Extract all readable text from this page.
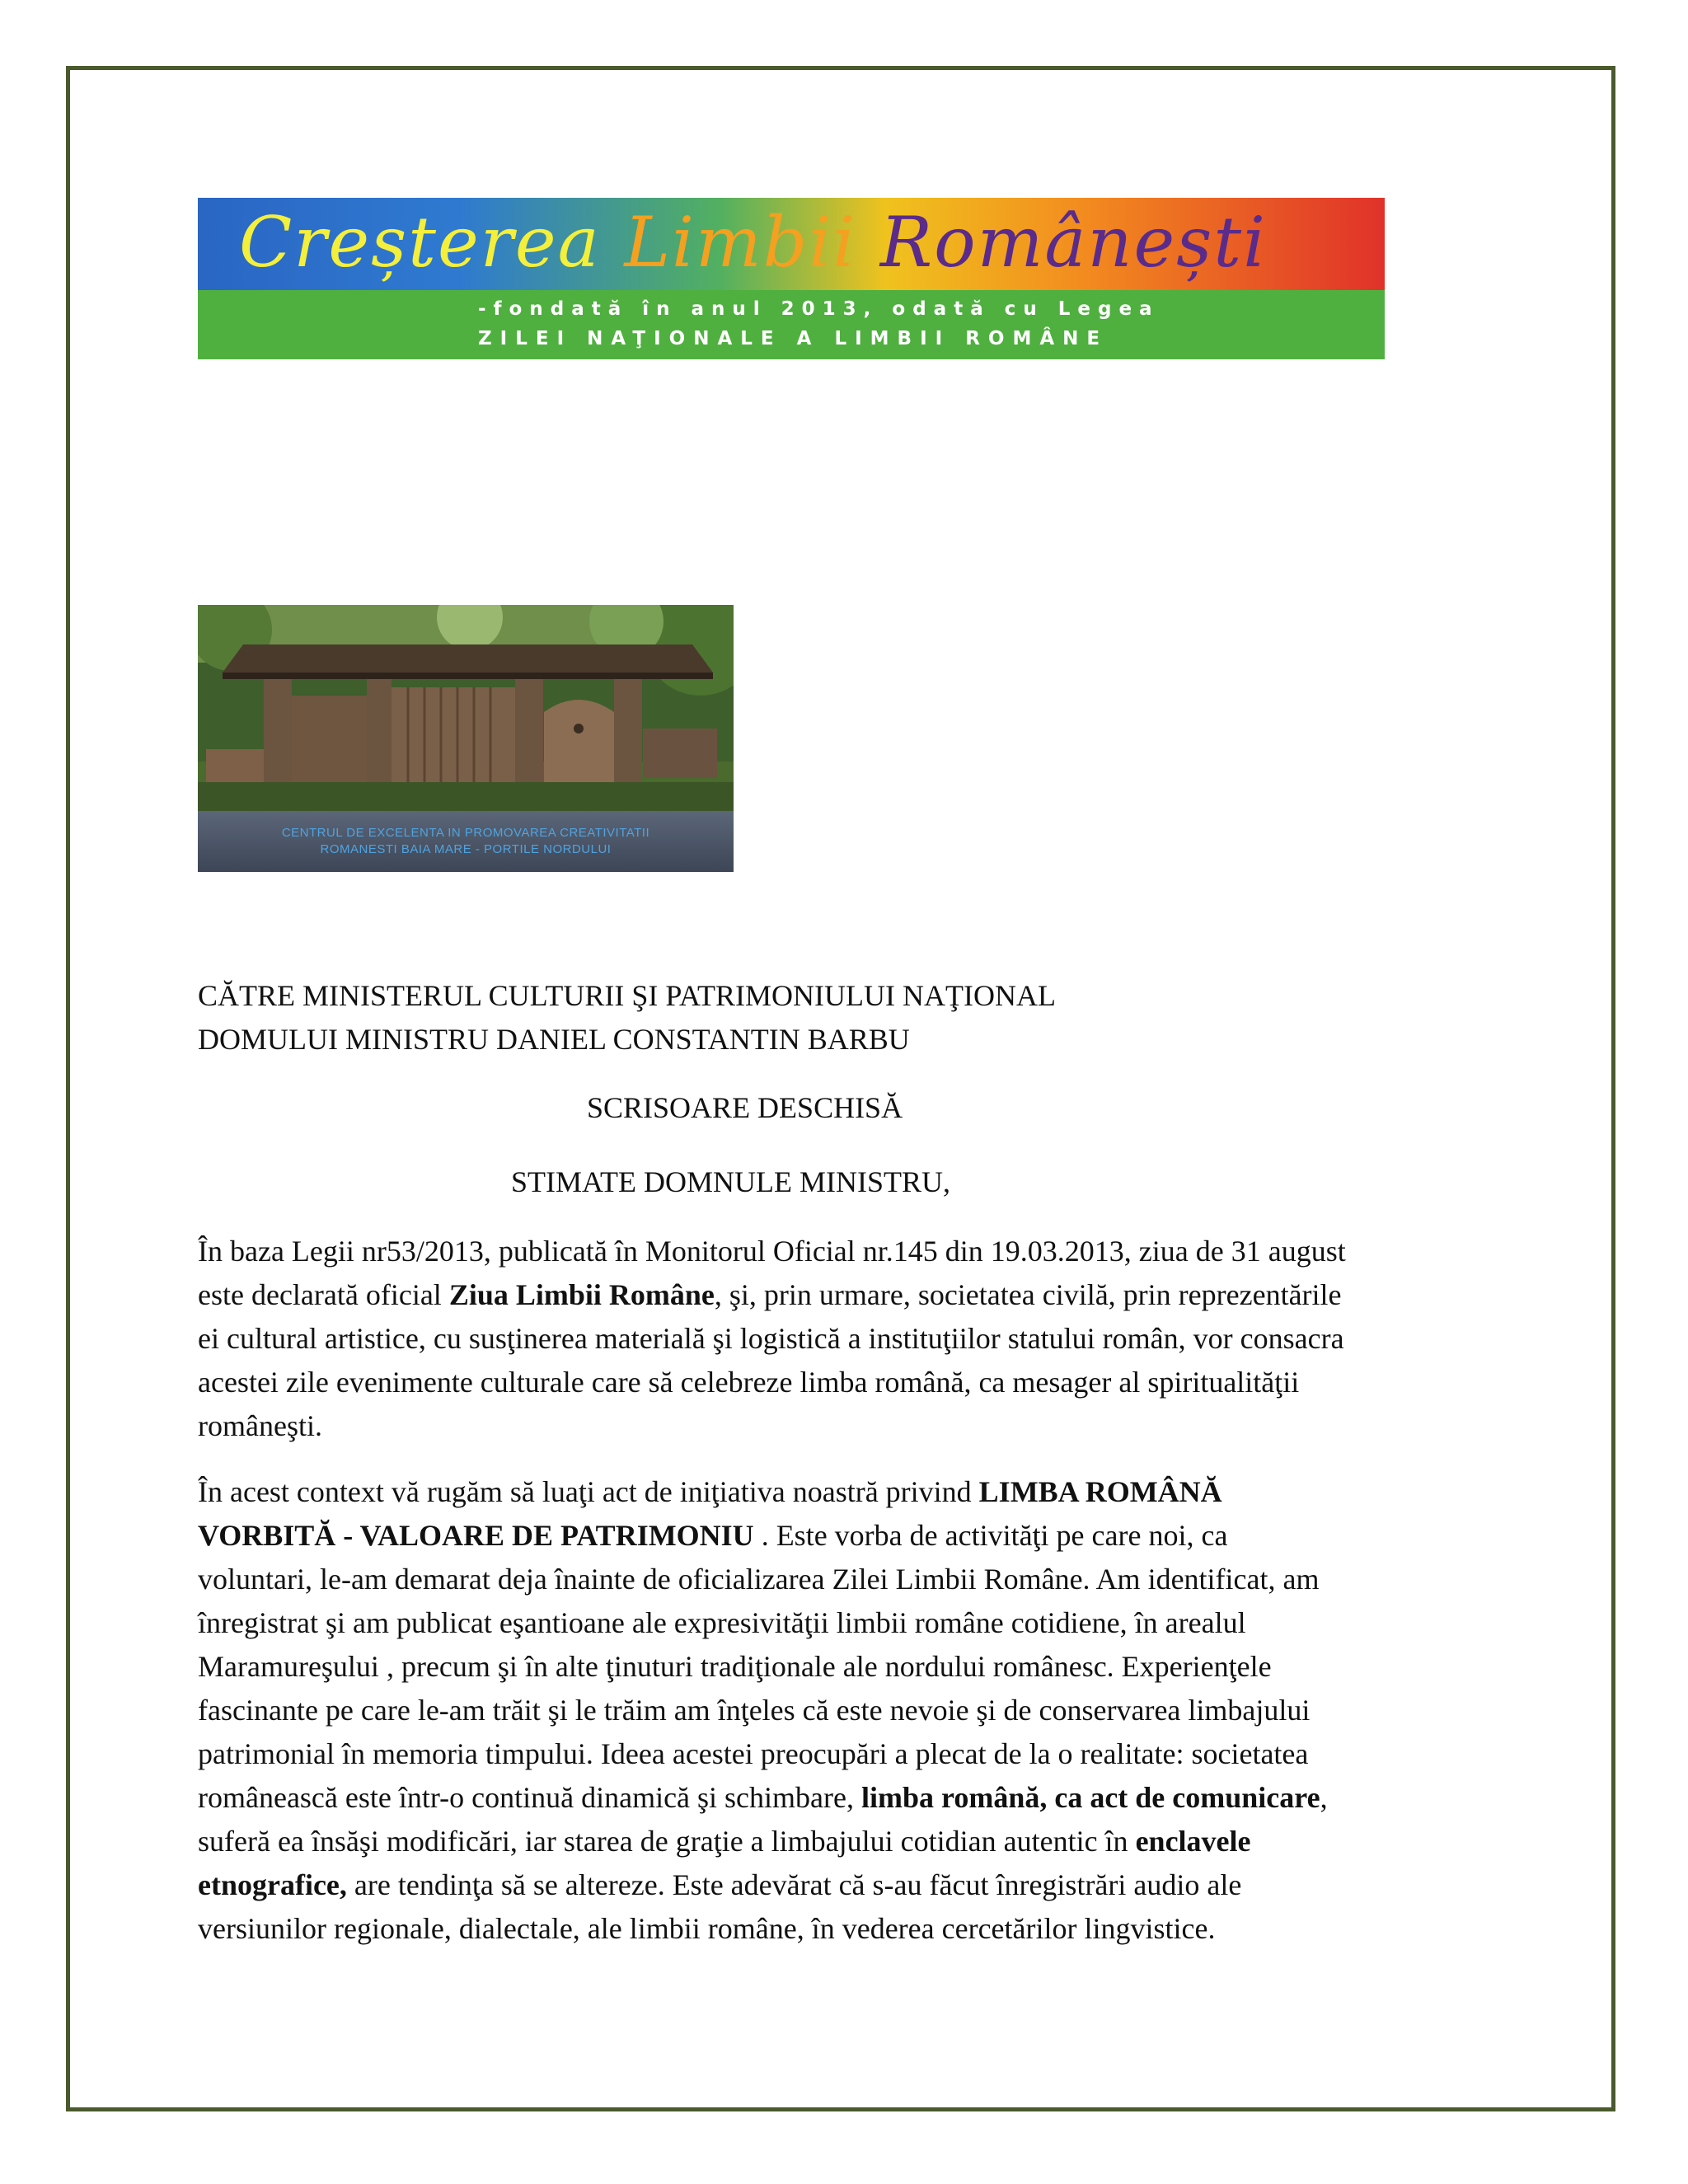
Creșterea Limbii Românești
-fondată în anul 2013, odată cu Legea
ZILEI NAŢIONALE A LIMBII ROMÂNE
CENTRUL DE EXCELENTA IN PROMOVAREA CREATIVITATII
ROMANESTI BAIA MARE - PORTILE NORDULUI
CĂTRE MINISTERUL CULTURII ŞI PATRIMONIULUI NAŢIONAL
DOMULUI MINISTRU DANIEL CONSTANTIN BARBU
SCRISOARE DESCHISĂ
STIMATE DOMNULE MINISTRU,
În baza Legii nr53/2013, publicată în Monitorul Oficial nr.145 din 19.03.2013, ziua de 31 august
este declarată oficial Ziua Limbii Române, şi, prin urmare, societatea civilă, prin reprezentările
ei cultural artistice, cu susţinerea materială şi logistică a instituţiilor statului român, vor consacra
acestei zile evenimente culturale care să celebreze limba română, ca mesager al spiritualităţii
româneşti.
În acest context vă rugăm să luaţi act de iniţiativa noastră privind LIMBA ROMÂNĂ
VORBITĂ - VALOARE DE PATRIMONIU . Este vorba de activităţi pe care noi, ca
voluntari, le-am demarat deja înainte de oficializarea Zilei Limbii Române. Am identificat, am
înregistrat şi am publicat eşantioane ale expresivităţii limbii române cotidiene, în arealul
Maramureşului , precum şi în alte ţinuturi tradiţionale ale nordului românesc. Experienţele
fascinante pe care le-am trăit şi le trăim am înţeles că este nevoie şi de conservarea limbajului
patrimonial în memoria timpului. Ideea acestei preocupări a plecat de la o realitate: societatea
românească este într-o continuă dinamică şi schimbare, limba română, ca act de comunicare,
suferă ea însăşi modificări, iar starea de graţie a limbajului cotidian autentic în enclavele
etnografice, are tendinţa să se altereze. Este adevărat că s-au făcut înregistrări audio ale
versiunilor regionale, dialectale, ale limbii române, în vederea cercetărilor lingvistice.
